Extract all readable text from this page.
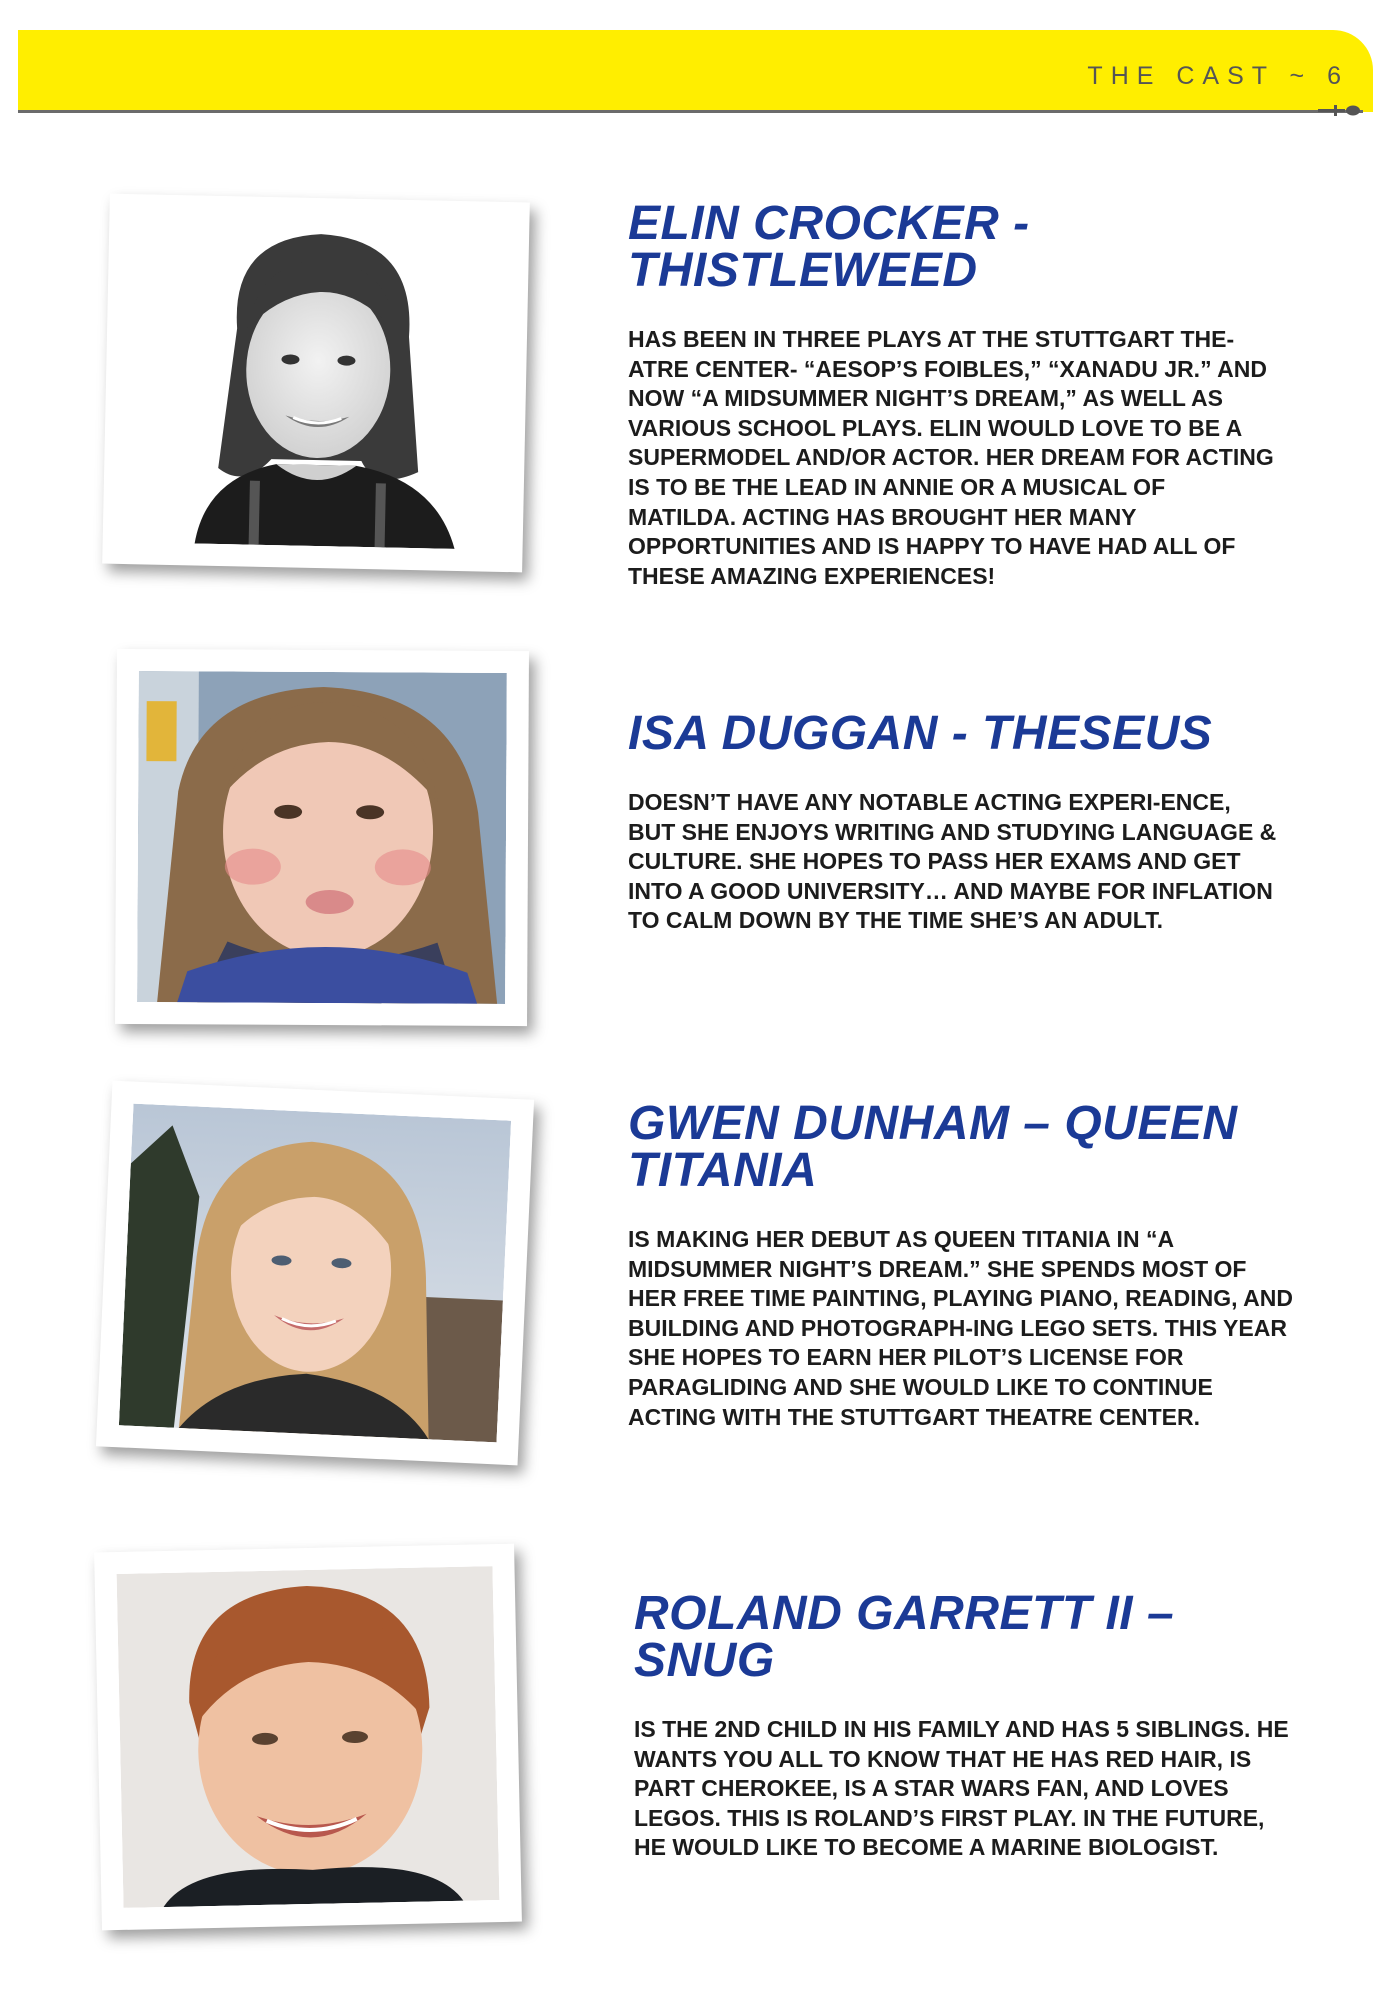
THE CAST ~ 6
ELIN CROCKER - THISTLEWEED

HAS BEEN IN THREE PLAYS AT THE STUTTGART THE-ATRE CENTER- “AESOP’S FOIBLES,” “XANADU JR.” AND NOW “A MIDSUMMER NIGHT’S DREAM,” AS WELL AS VARIOUS SCHOOL PLAYS. ELIN WOULD LOVE TO BE A SUPERMODEL AND/OR ACTOR. HER DREAM FOR ACTING IS TO BE THE LEAD IN ANNIE OR A MUSICAL OF MATILDA. ACTING HAS BROUGHT HER MANY OPPORTUNITIES AND IS HAPPY TO HAVE HAD ALL OF THESE AMAZING EXPERIENCES!

ISA DUGGAN - THESEUS

DOESN’T HAVE ANY NOTABLE ACTING EXPERI-ENCE, BUT SHE ENJOYS WRITING AND STUDYING LANGUAGE & CULTURE. SHE HOPES TO PASS HER EXAMS AND GET INTO A GOOD UNIVERSITY… AND MAYBE FOR INFLATION TO CALM DOWN BY THE TIME SHE’S AN ADULT.

GWEN DUNHAM – QUEEN TITANIA

IS MAKING HER DEBUT AS QUEEN TITANIA IN “A MIDSUMMER NIGHT’S DREAM.” SHE SPENDS MOST OF HER FREE TIME PAINTING, PLAYING PIANO, READING, AND BUILDING AND PHOTOGRAPH-ING LEGO SETS. THIS YEAR SHE HOPES TO EARN HER PILOT’S LICENSE FOR PARAGLIDING AND SHE WOULD LIKE TO CONTINUE ACTING WITH THE STUTTGART THEATRE CENTER.

ROLAND GARRETT II – SNUG

IS THE 2ND CHILD IN HIS FAMILY AND HAS 5 SIBLINGS. HE WANTS YOU ALL TO KNOW THAT HE HAS RED HAIR, IS PART CHEROKEE, IS A STAR WARS FAN, AND LOVES LEGOS. THIS IS ROLAND’S FIRST PLAY. IN THE FUTURE, HE WOULD LIKE TO BECOME A MARINE BIOLOGIST.
